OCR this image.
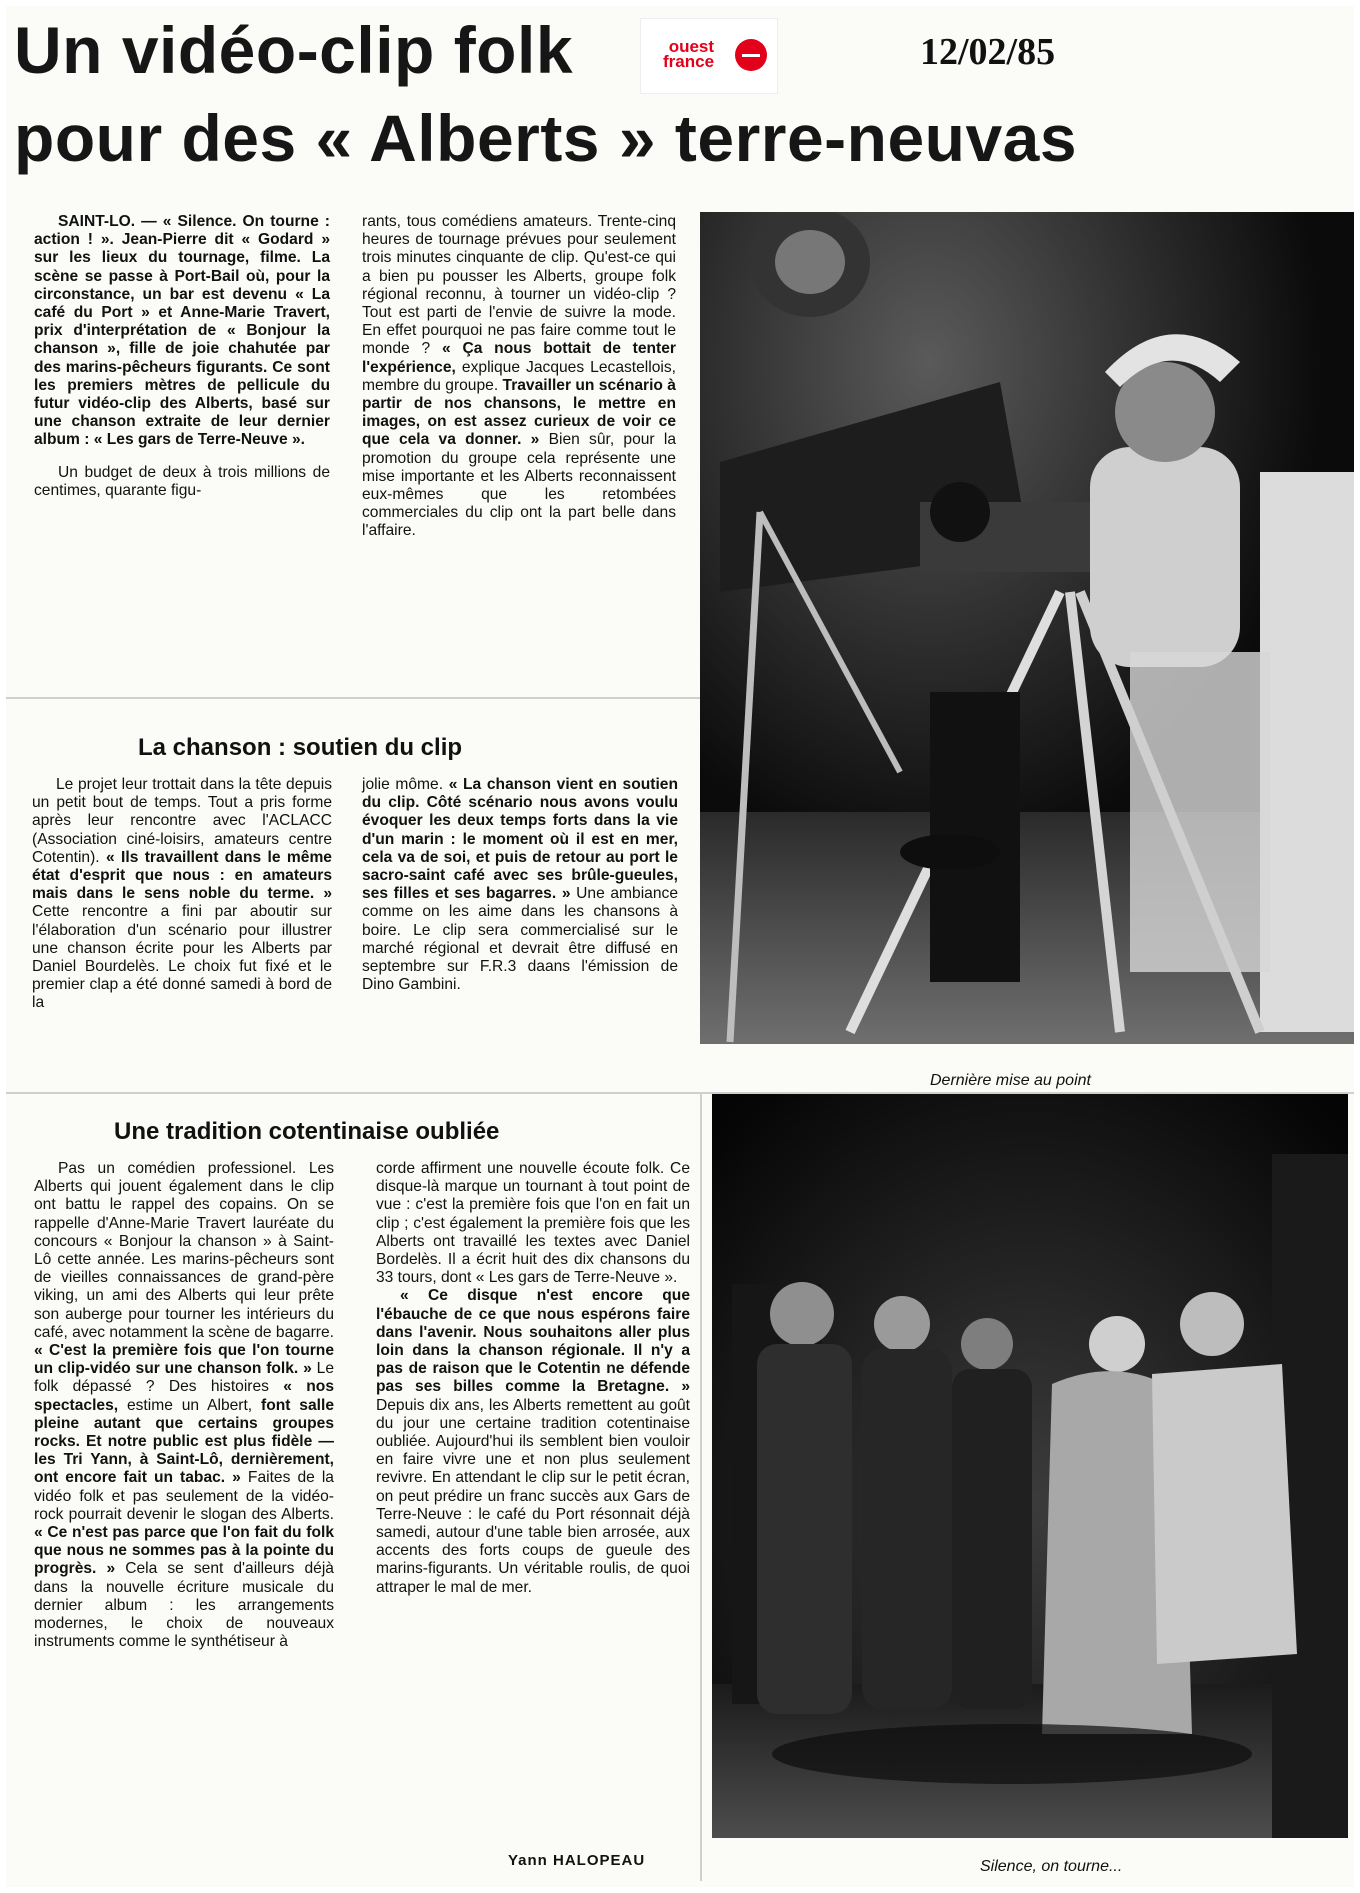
Un vidéo-clip folk
pour des « Alberts » terre-neuvas
ouest
france	12/02/85

SAINT-LO. — « Silence. On tourne : action ! ». Jean-Pierre dit « Godard » sur les lieux du tournage, filme. La scène se passe à Port-Bail où, pour la circonstance, un bar est devenu « La café du Port » et Anne-Marie Travert, prix d'interprétation de « Bonjour la chanson », fille de joie chahutée par des marins-pêcheurs figurants. Ce sont les premiers mètres de pellicule du futur vidéo-clip des Alberts, basé sur une chanson extraite de leur dernier album : « Les gars de Terre-Neuve ».

Un budget de deux à trois millions de centimes, quarante figu-

rants, tous comédiens amateurs. Trente-cinq heures de tournage prévues pour seulement trois minutes cinquante de clip. Qu'est-ce qui a bien pu pousser les Alberts, groupe folk régional reconnu, à tourner un vidéo-clip ? Tout est parti de l'envie de suivre la mode. En effet pourquoi ne pas faire comme tout le monde ? « Ça nous bottait de tenter l'expérience, explique Jacques Lecastellois, membre du groupe. Travailler un scénario à partir de nos chansons, le mettre en images, on est assez curieux de voir ce que cela va donner. » Bien sûr, pour la promotion du groupe cela représente une mise importante et les Alberts reconnaissent eux-mêmes que les retombées commerciales du clip ont la part belle dans l'affaire.

Dernière mise au point
La chanson : soutien du clip

Le projet leur trottait dans la tête depuis un petit bout de temps. Tout a pris forme après leur rencontre avec l'ACLACC (Association ciné-loisirs, amateurs centre Cotentin). « Ils travaillent dans le même état d'esprit que nous : en amateurs mais dans le sens noble du terme. » Cette rencontre a fini par aboutir sur l'élaboration d'un scénario pour illustrer une chanson écrite pour les Alberts par Daniel Bourdelès. Le choix fut fixé et le premier clap a été donné samedi à bord de la

jolie môme. « La chanson vient en soutien du clip. Côté scénario nous avons voulu évoquer les deux temps forts dans la vie d'un marin : le moment où il est en mer, cela va de soi, et puis de retour au port le sacro-saint café avec ses brûle-gueules, ses filles et ses bagarres. » Une ambiance comme on les aime dans les chansons à boire. Le clip sera commercialisé sur le marché régional et devrait être diffusé en septembre sur F.R.3 daans l'émission de Dino Gambini.

Une tradition cotentinaise oubliée

Pas un comédien professionel. Les Alberts qui jouent également dans le clip ont battu le rappel des copains. On se rappelle d'Anne-Marie Travert lauréate du concours « Bonjour la chanson » à Saint-Lô cette année. Les marins-pêcheurs sont de vieilles connaissances de grand-père viking, un ami des Alberts qui leur prête son auberge pour tourner les intérieurs du café, avec notamment la scène de bagarre. « C'est la première fois que l'on tourne un clip-vidéo sur une chanson folk. » Le folk dépassé ? Des histoires « nos spectacles, estime un Albert, font salle pleine autant que certains groupes rocks. Et notre public est plus fidèle — les Tri Yann, à Saint-Lô, dernièrement, ont encore fait un tabac. » Faites de la vidéo folk et pas seulement de la vidéo-rock pourrait devenir le slogan des Alberts. « Ce n'est pas parce que l'on fait du folk que nous ne sommes pas à la pointe du progrès. » Cela se sent d'ailleurs déjà dans la nouvelle écriture musicale du dernier album : les arrangements modernes, le choix de nouveaux instruments comme le synthétiseur à

corde affirment une nouvelle écoute folk. Ce disque-là marque un tournant à tout point de vue : c'est la première fois que l'on en fait un clip ; c'est également la première fois que les Alberts ont travaillé les textes avec Daniel Bordelès. Il a écrit huit des dix chansons du 33 tours, dont « Les gars de Terre-Neuve ».

« Ce disque n'est encore que l'ébauche de ce que nous espérons faire dans l'avenir. Nous souhaitons aller plus loin dans la chanson régionale. Il n'y a pas de raison que le Cotentin ne défende pas ses billes comme la Bretagne. » Depuis dix ans, les Alberts remettent au goût du jour une certaine tradition cotentinaise oubliée. Aujourd'hui ils semblent bien vouloir en faire vivre une et non plus seulement revivre. En attendant le clip sur le petit écran, on peut prédire un franc succès aux Gars de Terre-Neuve : le café du Port résonnait déjà samedi, autour d'une table bien arrosée, aux accents des forts coups de gueule des marins-figurants. Un véritable roulis, de quoi attraper le mal de mer.

Yann HALOPEAU	Silence, on tourne...
